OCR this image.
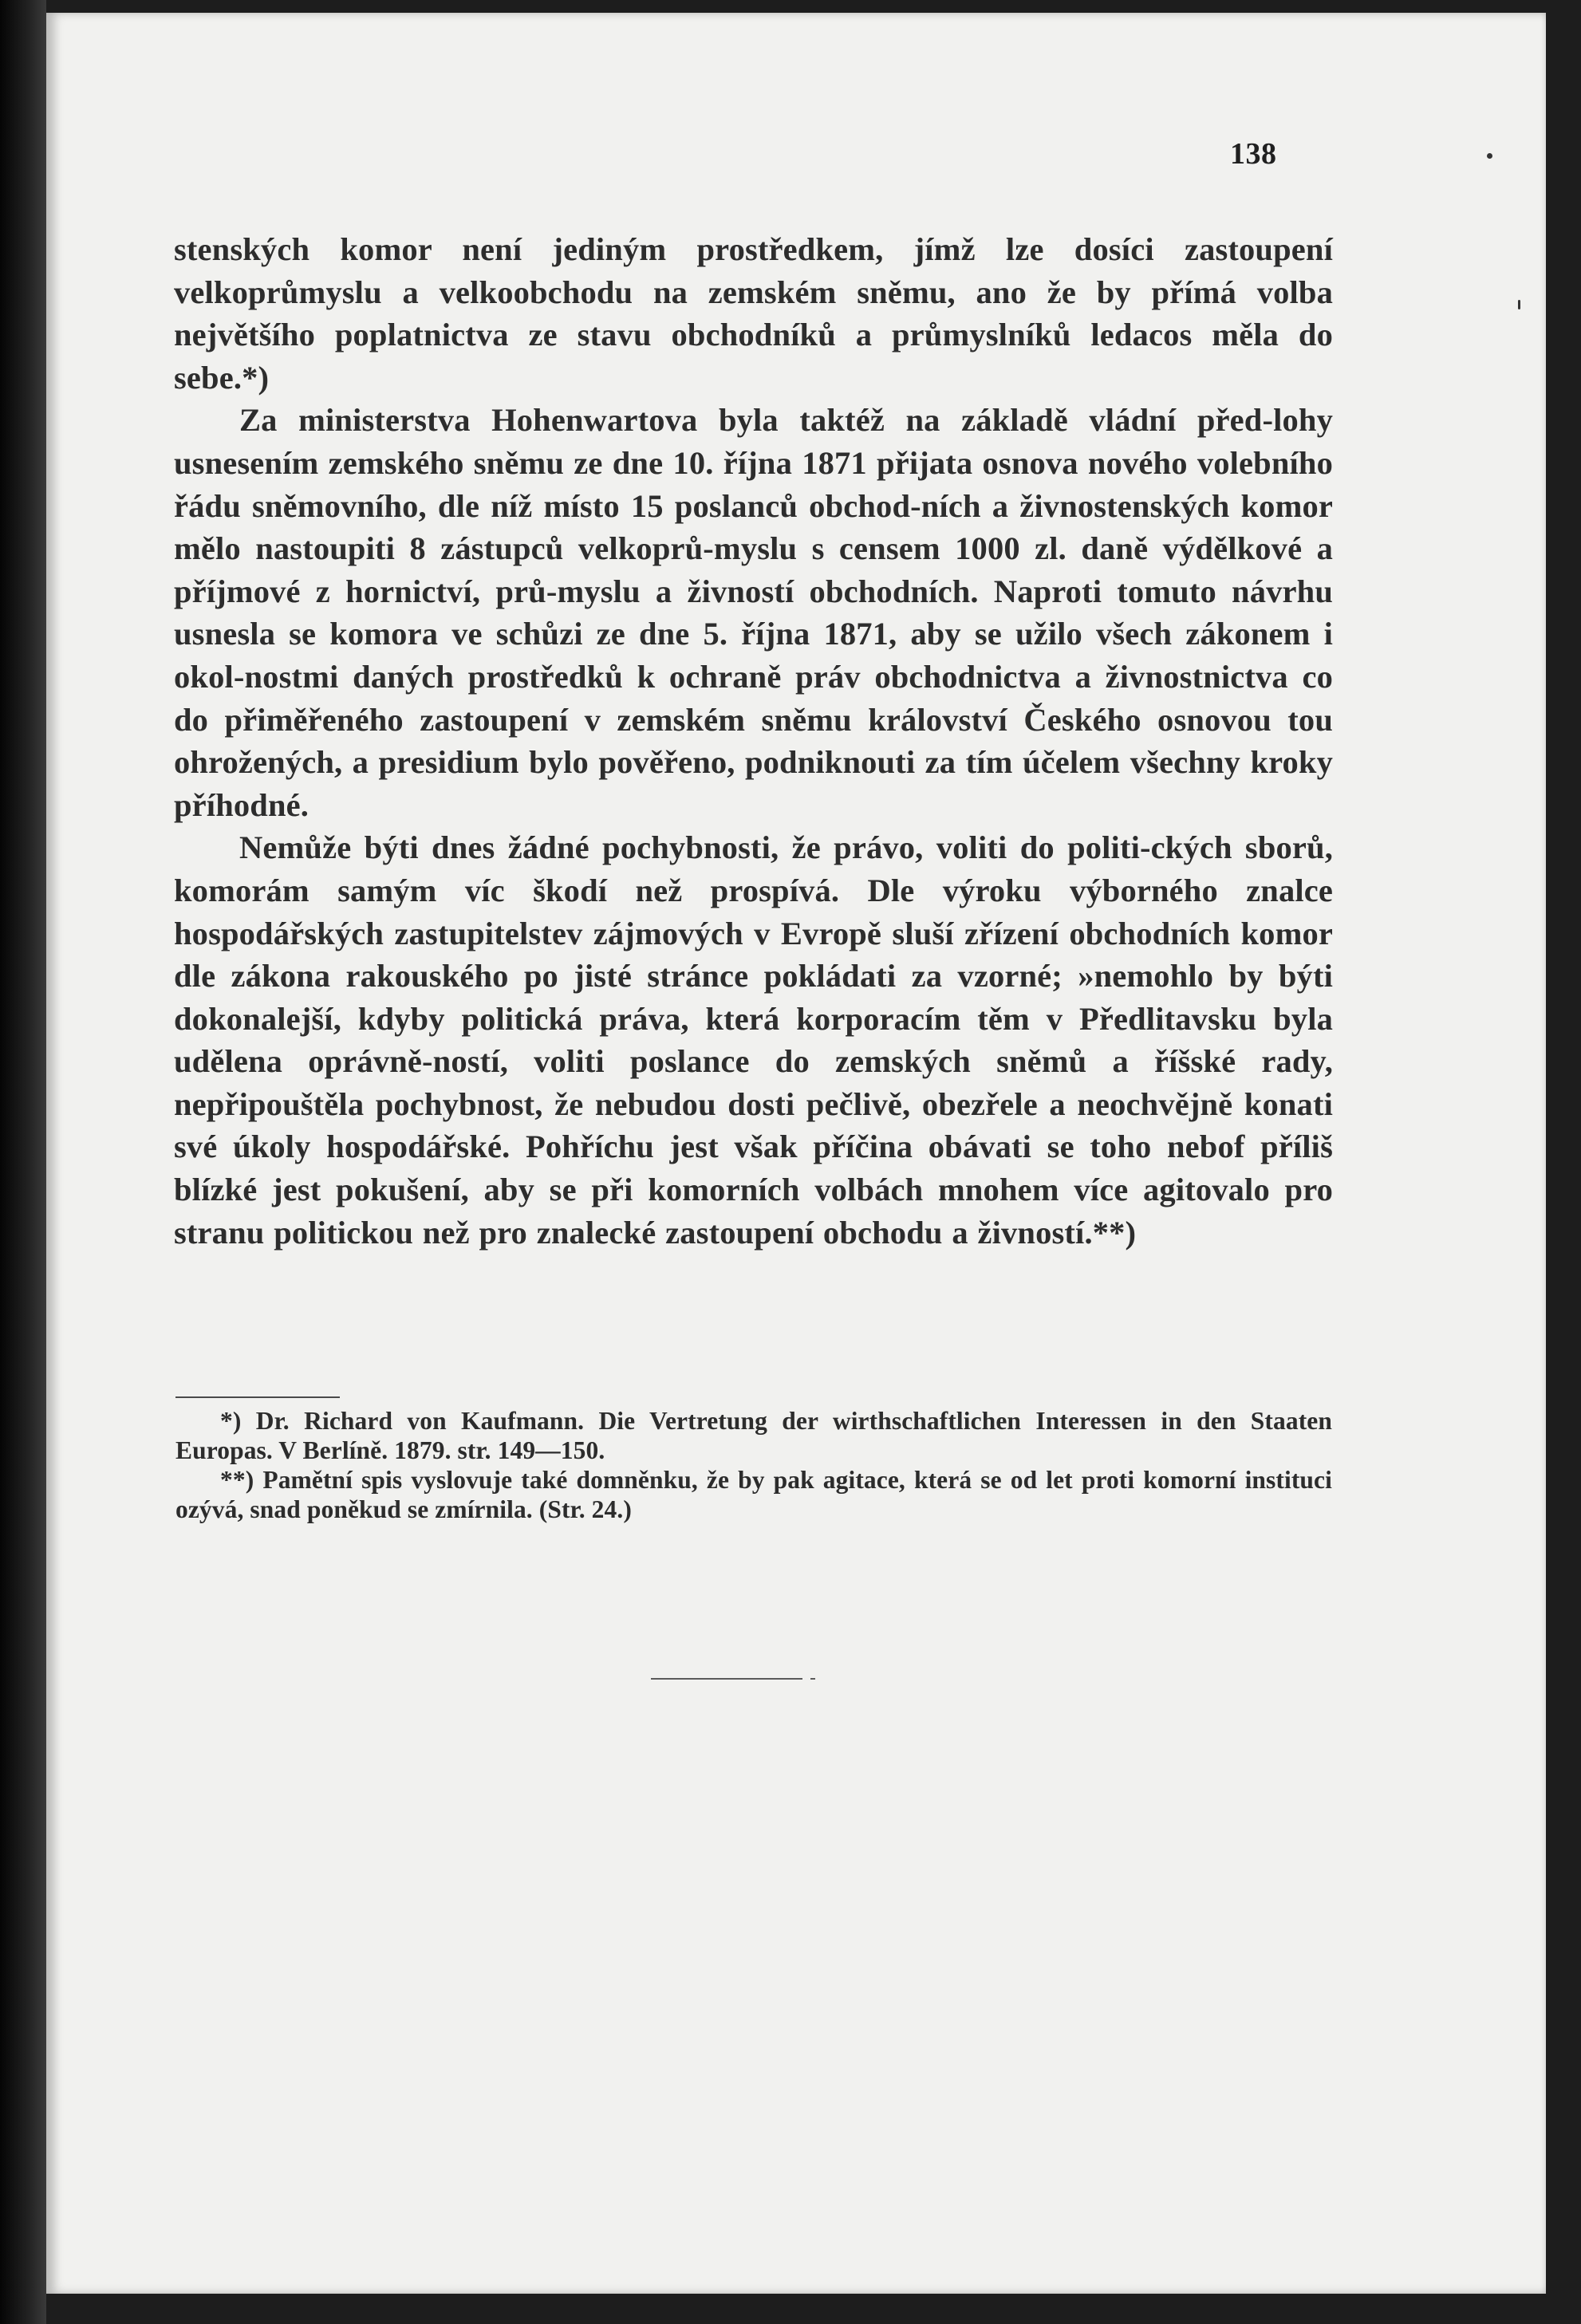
138

stenských komor není jediným prostředkem, jímž lze dosíci zastoupení velkoprůmyslu a velkoobchodu na zemském sněmu, ano že by přímá volba největšího poplatnictva ze stavu obchodníků a průmyslníků ledacos měla do sebe.*)

Za ministerstva Hohenwartova byla taktéž na základě vládní před-lohy usnesením zemského sněmu ze dne 10. října 1871 přijata osnova nového volebního řádu sněmovního, dle níž místo 15 poslanců obchod-ních a živnostenských komor mělo nastoupiti 8 zástupců velkoprů-myslu s censem 1000 zl. daně výdělkové a příjmové z hornictví, prů-myslu a živností obchodních. Naproti tomuto návrhu usnesla se komora ve schůzi ze dne 5. října 1871, aby se užilo všech zákonem i okol-nostmi daných prostředků k ochraně práv obchodnictva a živnostnictva co do přiměřeného zastoupení v zemském sněmu království Českého osnovou tou ohrožených, a presidium bylo pověřeno, podniknouti za tím účelem všechny kroky příhodné.

Nemůže býti dnes žádné pochybnosti, že právo, voliti do politi-ckých sborů, komorám samým víc škodí než prospívá. Dle výroku výborného znalce hospodářských zastupitelstev zájmových v Evropě sluší zřízení obchodních komor dle zákona rakouského po jisté stránce pokládati za vzorné; »nemohlo by býti dokonalejší, kdyby politická práva, která korporacím těm v Předlitavsku byla udělena oprávně-ností, voliti poslance do zemských sněmů a říšské rady, nepřipouštěla pochybnost, že nebudou dosti pečlivě, obezřele a neochvějně konati své úkoly hospodářské. Pohříchu jest však příčina obávati se toho nebof příliš blízké jest pokušení, aby se při komorních volbách mnohem více agitovalo pro stranu politickou než pro znalecké zastoupení obchodu a živností.**)

*) Dr. Richard von Kaufmann. Die Vertretung der wirthschaftlichen Interessen in den Staaten Europas. V Berlíně. 1879. str. 149—150.

**) Pamětní spis vyslovuje také domněnku, že by pak agitace, která se od let proti komorní instituci ozývá, snad poněkud se zmírnila. (Str. 24.)
